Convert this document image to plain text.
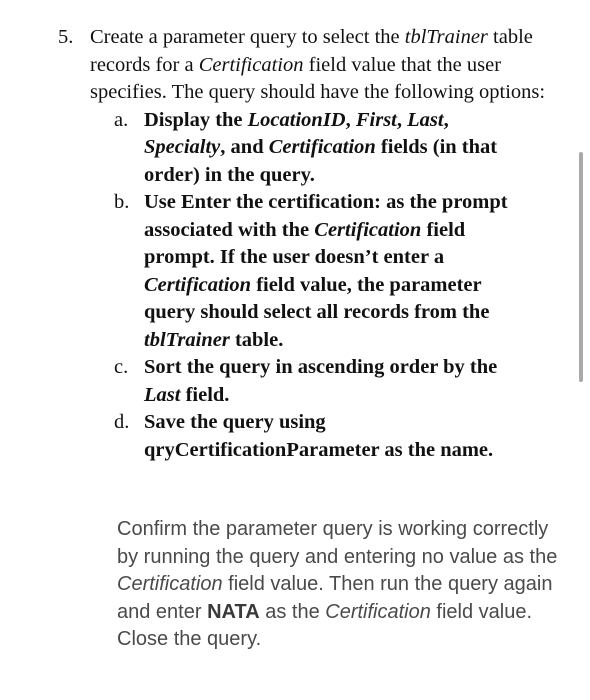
5. Create a parameter query to select the tblTrainer table records for a Certification field value that the user specifies. The query should have the following options:
a. Display the LocationID, First, Last, Specialty, and Certification fields (in that order) in the query.
b. Use Enter the certification: as the prompt associated with the Certification field prompt. If the user doesn’t enter a Certification field value, the parameter query should select all records from the tblTrainer table.
c. Sort the query in ascending order by the Last field.
d. Save the query using qryCertificationParameter as the name.
Confirm the parameter query is working correctly by running the query and entering no value as the Certification field value. Then run the query again and enter NATA as the Certification field value. Close the query.
